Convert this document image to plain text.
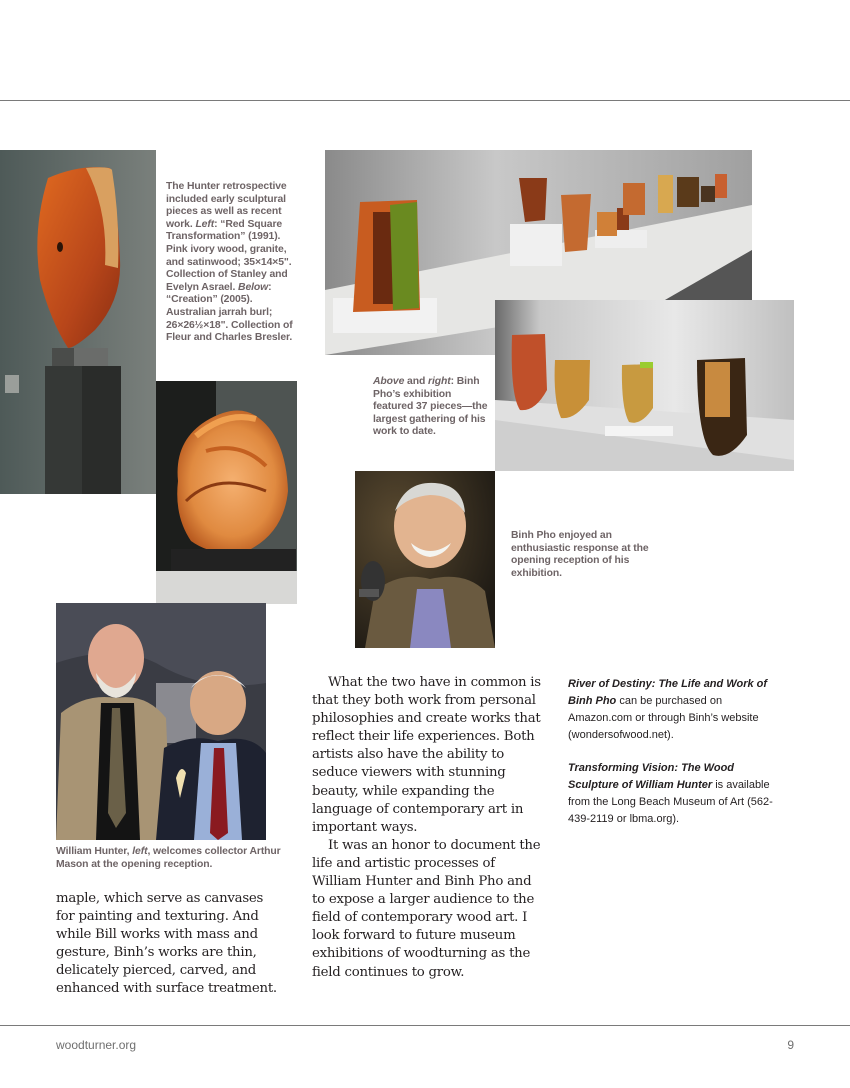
The Hunter retrospective included early sculptural pieces as well as recent work. Left: “Red Square Transformation” (1991). Pink ivory wood, granite, and satinwood; 35×14×5". Collection of Stanley and Evelyn Asrael. Below: “Creation” (2005). Australian jarrah burl; 26×26½×18". Collection of Fleur and Charles Bresler.
Above and right: Binh Pho’s exhibition featured 37 pieces—the largest gathering of his work to date.
Binh Pho enjoyed an enthusiastic response at the opening reception of his exhibition.
William Hunter, left, welcomes collector Arthur Mason at the opening reception.

maple, which serve as canvases for painting and texturing. And while Bill works with mass and gesture, Binh’s works are thin, delicately pierced, carved, and enhanced with surface treatment.

What the two have in common is that they both work from personal philosophies and create works that reflect their life experiences. Both artists also have the ability to seduce viewers with stunning beauty, while expanding the language of contemporary art in important ways.

It was an honor to document the life and artistic processes of William Hunter and Binh Pho and to expose a larger audience to the field of contemporary wood art. I look forward to future museum exhibitions of woodturning as the field continues to grow.

River of Destiny: The Life and Work of Binh Pho can be purchased on Amazon.com or through Binh’s website (wondersofwood.net).

Transforming Vision: The Wood Sculpture of William Hunter is available from the Long Beach Museum of Art (562-439-2119 or lbma.org).

woodturner.org	9
